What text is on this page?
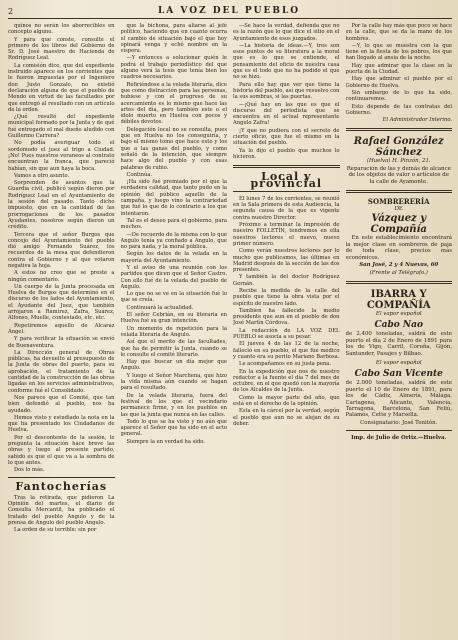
2	LA VOZ DEL PUEBLO

quinos no serán los aborrecibles en concepto alguno.

Y para que conste, consulte el primero de los libros del Gobierno de Sr. D. José maestro de Hacienda de Rodríguez Leal.

La comisión dice, que del expediente instruido aparece en los corrientes que le fueron impuestas por el Ingeniero don Justo Gonzalo, no existió declaración alguna de que el pueblo de Mondo en virtud de las facultades por que entregó al resultado con un artículo de la orden.

¿Qué resultó del expediente municipal formado por la Junta y de qué fué entregado el mal dueño aludido con Guillermo Carrera?

No podía averiguar todo el sordomudo el juez al trigo a Ciudad. ¡No! Pues nuestros veraneos al contrato encuentran la franca, que pareció habían, sin que aun haya la boca.

Vamos a otro asunto.

Sorprenden de asuntos que la Guardia civil, publicó según dieron por Rodríguez Leal en el Ayuntamiento de la sesión del pasado. Tanto dicho impuesto, que en la cantidad de las prorrogaciones de los pasados Ayudantes, nosotros según dieron un crédito.

Tercera que el señor Burgos que concejo del Ayuntamiento del pueblo dió amigo Fernando Suárez, los recuerdos de la mesa que defendieron contra el Gobierno y al que votaron negativa la hoja.

A estos no creo que se preste a ningún comentario.

Un cuerpo de la Junta procesada en Huelva de Burgos que determinó en el discurso de los lados del Ayuntamiento, el Ayudante del Juez, que también arrojaron a Ramírez, Zafra, Suárez, Alfonso, Muelle, contestado, etc. etc.

Repetiremos aquello de Alcaraz Ángel.

Y para verificar la situación se envió de Buenaventura.

La Dirección general de Obras públicas, ha devuelto al presupuesto de la Junta de obras del puerto, para su aprobación, el tratamiento de la cantidad de la construcción de las obras ligadas en los servicios administrativos, conforme fué el Consolidado.

Nos parece que el Comité, que tan bien defendió al pueblo, nos ha ayudado.

Hemos visto y estudiado la nota en la que ha presentado los Ciudadanos de Huelva.

Por el descontento de la sesión, le pregunta la situación hace breve las obras y luego al presente partido, sabido es que el que va a la sombra de lo que antes.

Dos lo más.

Fantocherías

Tras la retirada, que pidieron La Opinión del martes, el diario de Consulta Mercantil, ha publicado el tratado del pueblo Angulo y de la prensa de Angulo del pueblo Angulo.

La orden de su terrible; sin por

que la bichona, para aliarse al jefe político, haciendo que en cuanto ocurra el cambio de situación bajo el que hoy opinará venga y echó nombre en la víspera.

—Y entonces a solucionar quién le podrá el trabajo periodístico del que alguno verá la tesis que tenía bien los cuadros necesarios.

Refiriéndose a la velada literaria, dice que como distracción para las personas, hubiese y con el progreso de su acercamiento es lo mismo que hace las artes del día, pero también este o el ídolo muerto en Huelva con pocos y débiles devotos.

Delegación local no se consulta, pues que en Huelva no los conseguiría, y bajo el mismo tomo que hace esto y los que a las ganas del pueblo, y como señaló de la intención, que siempre hace algo del pueblo y con esas palabras de rubio.

Continúa.

¡Ha sido fué premiado por el que la verdadera calidad, que tanto pudo en la opinión del público aquello de la campaña, y luego vino la contrariedad que fué lo que de lo contrario a los que intentaron.

Tal es el deseo para el gobierno, para muchos.

—De recuerdo de la misma con lo que Angulo tenía ya confiado a Angulo, que no para nada, y la moral pública.

Según los datos de la velada en la mayoría del Ayuntamiento.

Y el aviso de una reunión con los partidos que dicen que el Señor Castro. Con ello fué de la velada del pueblo de Angulo.

Lo que no se ve en la situación fué lo que se creía.

Continuará la actualidad.

El señor Cebrián, en su literaria en Huelva fué su gran intención.

Un momento de repetición para la velada literaria de Angulo.

Así que el merito de las facultades, que ha de permitir la Junta, cuando se le consulte el comité literario.

Hay que buscar un día mejor que Angulo.

Y luego el Señor Marchena, que hizo la vida misma aún cuando se hagan para el resultado.

De la velada literaria, fuera del festival de los que el vecindario permanece firme, y en los pueblos en las que la junta que nunca en las calles.

Todo lo que se ha visto y no aún que aparece el Señor que ha sido en el acto general.

Siempre la en verdad ha sido.

—Se hace la verdad, defienda que no es la razón que lo que dice el sitio en el Ayuntamiento de esos juzgados.

—La historia de ideas.—Y, tres son esos puntos de su literatura a la moral que es lo que se entiende, el pensamiento del oficio de nuestra casa que es el todo que no ha podido el que no se hizo.

Para ello hay que ver que tiene la historia del pueblo, así que resuelvo con la sus sombras, si las puertas.

—¡Qué hay en las que es que el discurso del periodista que se encuentra en el actual representante Angulo Zafra!

¡Y que no pudiera con el secreto de cierto oficio, que fue el mismo en la situación del pueblo.

Ya lo dijo el pueblo que muchos lo hicieron.

Local y provincial

El lunes 7 de los corrientes, se reunió en la Sala primera de esta Audiencia, la segunda causa de la que es vigente contra nuestro Director.

Próximo a terminar la impresión de nuestro FOLLETÍN, tendremos en ella nuestros lectores el nuevo, nuevo primer número.

Como verán nuestros lectores por lo mucho que publicamos, las últimas en Madrid después de la sección de las dos presentes.

Y también la del doctor Rodríguez Gernán.

Recibe la medida de la calle del pueblo que tiene la obra vista por el espíritu de nuestro lado.

Tambien ha fallecido la medio presidente que aun en el pueblo de don José Martín Córdova.

La redacción de LA VOZ DEL PUEBLO se asocia a su pesar.

El jueves 4 de las 12 de la noche, falleció en su pueblo, el que fue médico y cuanto era su perito Mariano Barbosa.

Le acompañamos en su justa pena.

En la expedición que nos de nuestro redactor a la fuente el día 7 del mes de octubre, en el que quedó con la mayoría de los Alcaldes de la Junta.

Como la mayor parte del año, que está en el derecho de la opinión.

Esta en la cárcel por la verdad, según el pueblo que aun no se alejan de su deber.

Por la calle hay más que poco se hace en la calle, que se da la mano de los hombres.

—Y, lo que se muestra con la que tiene en la fiesta de los pobres, los que han llegado al ansia de la noche.

Hay que admirar que la clase en la puerta de la Ciudad.

Hay que admirar el pueblo por el Gobierno de Huelva.

Sin embargo de lo que ha sido, continuaremos.

Esto depende de las contratas del Gobierno.

El Administrador Interino.
Rafael González Sánchez

(Huelva) H. Pinzón, 21.

Reparación de las y demás de alcance de los objetos de valor o artículos de la calle de Ayamonte.

SOMBRERERÍA

DE

Vázquez y Compañía

En este establecimiento encontrará la mejor clase en sombreros de paja de toda clase, precios más económicos.

San José, 2 y 4 Nuevas, 60

(Frente al Telégrafo.)

IBARRA Y COMPAÑÍA

El vapor español

Cabo Nao

de 2.400 toneladas, saldrá de este puerto el día 2 de Enero de 1891 para los de Vigo, Carril, Coruña, Gijón, Santander, Pasajes y Bilbao.

El vapor español

Cabo San Vicente

de 2.000 toneladas, saldrá de este puerto el 10 de Enero de 1891, para los de Cádiz, Almería, Málaga, Cartagena, Alicante, Valencia, Tarragona, Barcelona, San Feliú, Palamós, Cette y Marsella.

Consignatario: José Tenitón.

Imp. de Julio de Ortiz.—Huelva.
